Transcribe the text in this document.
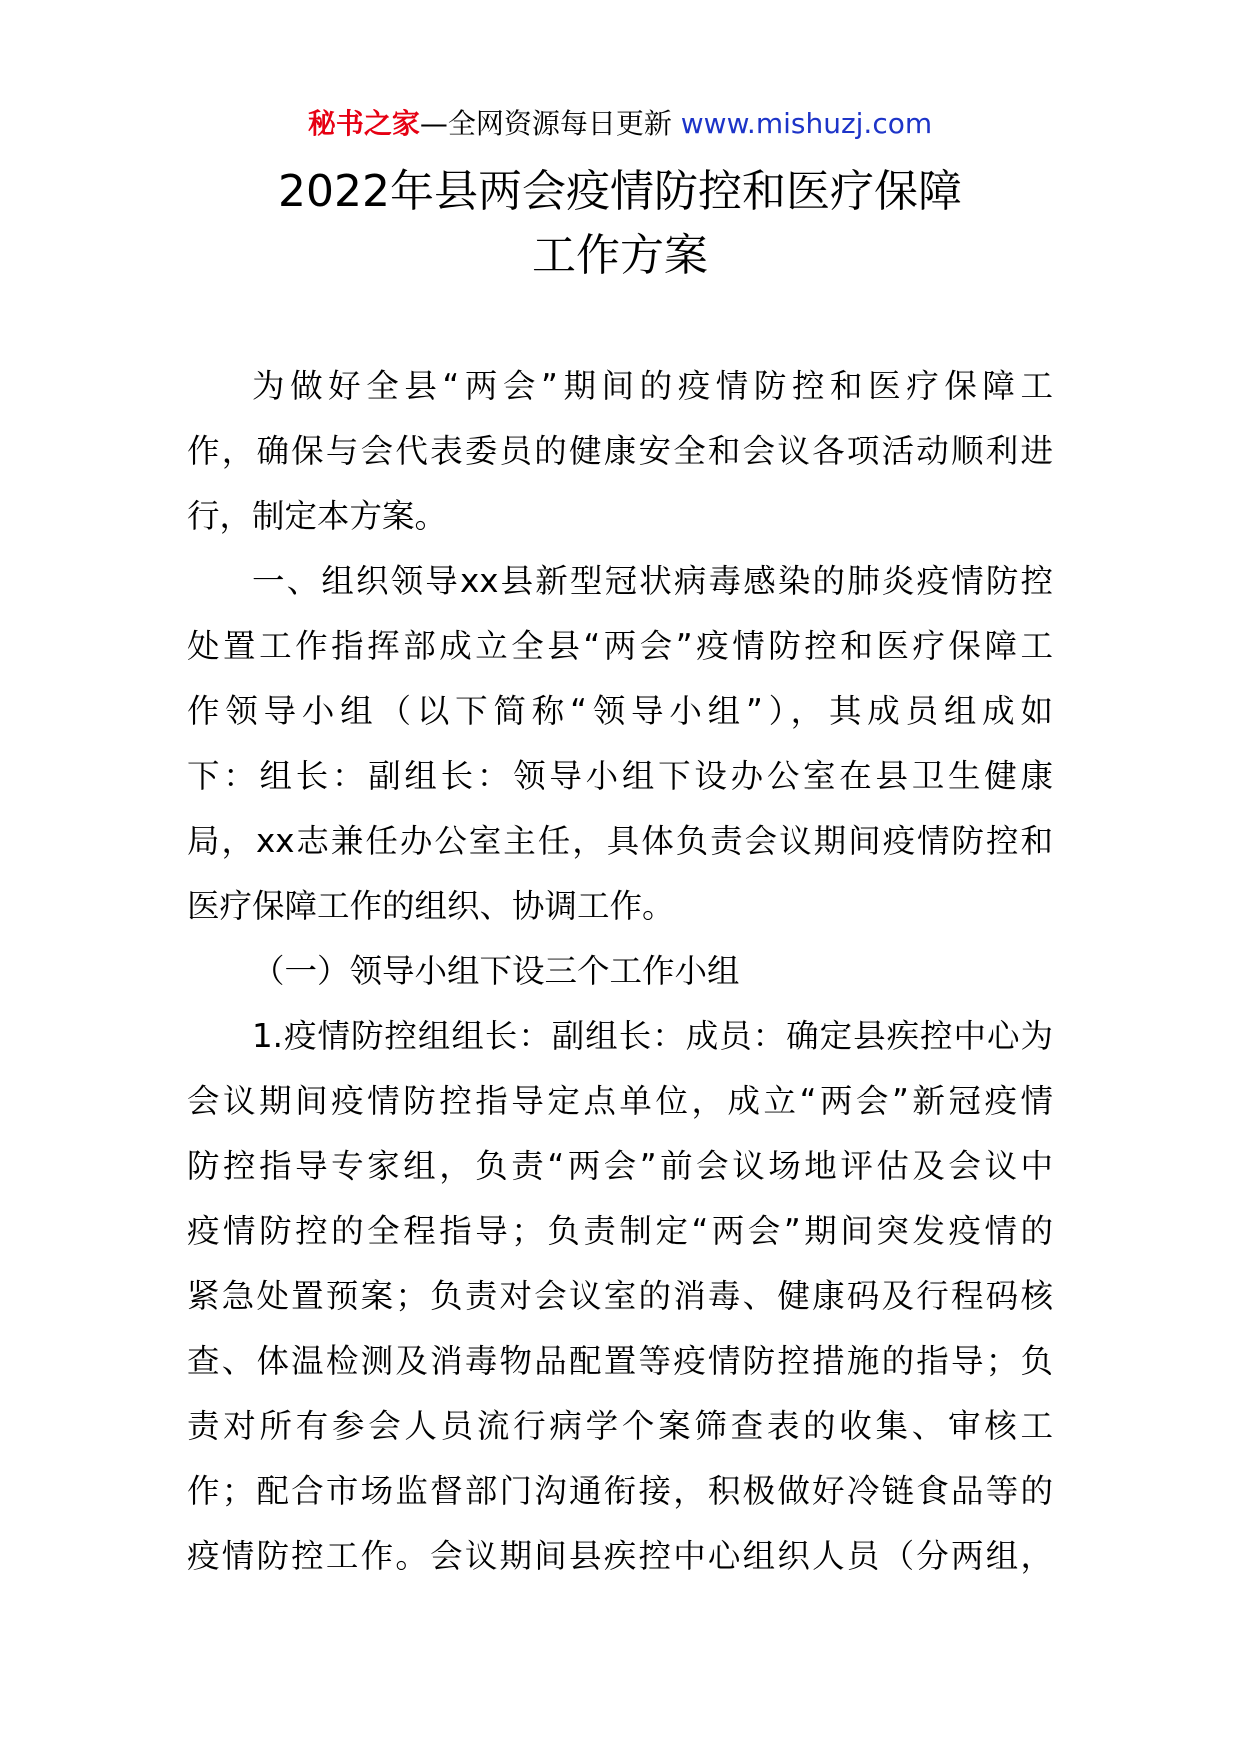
秘书之家—全网资源每日更新 www.mishuzj.com
2022年县两会疫情防控和医疗保障
工作方案
为做好全县“两会”期间的疫情防控和医疗保障工
作，确保与会代表委员的健康安全和会议各项活动顺利进
行，制定本方案。
一、组织领导xx县新型冠状病毒感染的肺炎疫情防控
处置工作指挥部成立全县“两会”疫情防控和医疗保障工
作领导小组（以下简称“领导小组”），其成员组成如
下：组长：副组长：领导小组下设办公室在县卫生健康
局，xx志兼任办公室主任，具体负责会议期间疫情防控和
医疗保障工作的组织、协调工作。
（一）领导小组下设三个工作小组
1.疫情防控组组长：副组长：成员：确定县疾控中心为
会议期间疫情防控指导定点单位，成立“两会”新冠疫情
防控指导专家组，负责“两会”前会议场地评估及会议中
疫情防控的全程指导；负责制定“两会”期间突发疫情的
紧急处置预案；负责对会议室的消毒、健康码及行程码核
查、体温检测及消毒物品配置等疫情防控措施的指导；负
责对所有参会人员流行病学个案筛查表的收集、审核工
作；配合市场监督部门沟通衔接，积极做好冷链食品等的
疫情防控工作。会议期间县疾控中心组织人员（分两组，
